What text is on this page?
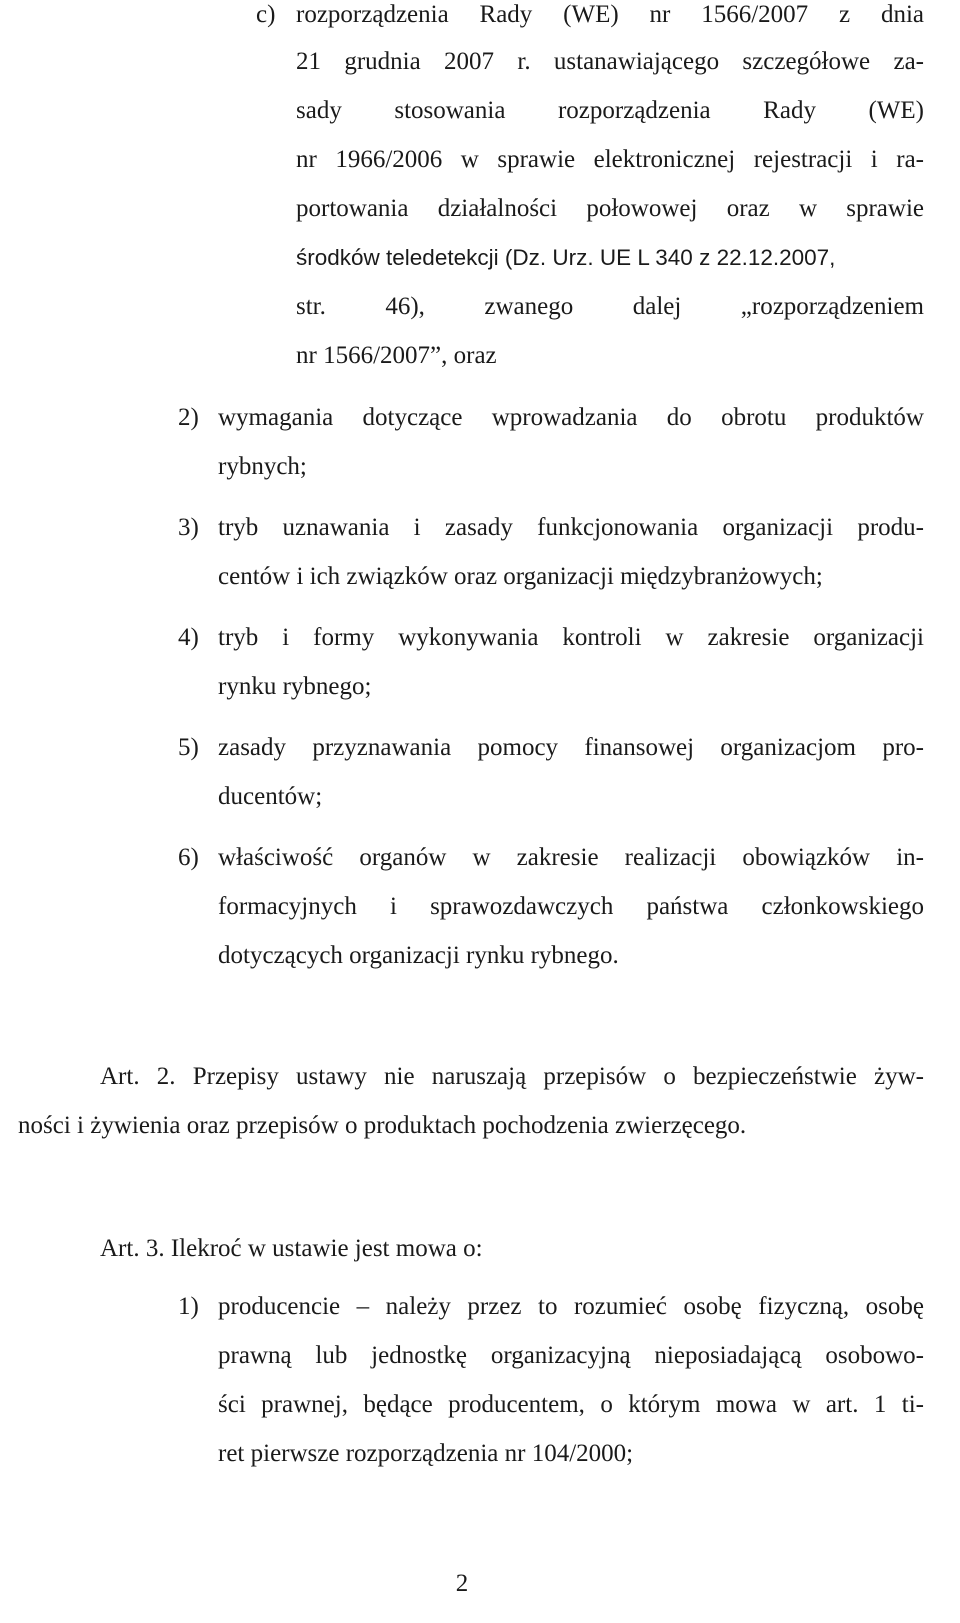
c) rozporządzenia Rady (WE) nr 1566/2007 z dnia
21 grudnia 2007 r. ustanawiającego szczegółowe za-
sady stosowania rozporządzenia Rady (WE)
nr 1966/2006 w sprawie elektronicznej rejestracji i ra-
portowania działalności połowowej oraz w sprawie
środków teledetekcji (Dz. Urz. UE L 340 z 22.12.2007,
str. 46), zwanego dalej „rozporządzeniem
nr 1566/2007”, oraz
2) wymagania dotyczące wprowadzania do obrotu produktów
rybnych;
3) tryb uznawania i zasady funkcjonowania organizacji produ-
centów i ich związków oraz organizacji międzybranżowych;
4) tryb i formy wykonywania kontroli w zakresie organizacji
rynku rybnego;
5) zasady przyznawania pomocy finansowej organizacjom pro-
ducentów;
6) właściwość organów w zakresie realizacji obowiązków in-
formacyjnych i sprawozdawczych państwa członkowskiego
dotyczących organizacji rynku rybnego.
Art. 2. Przepisy ustawy nie naruszają przepisów o bezpieczeństwie żyw-
ności i żywienia oraz przepisów o produktach pochodzenia zwierzęcego.
Art. 3. Ilekroć w ustawie jest mowa o:
1) producencie – należy przez to rozumieć osobę fizyczną, osobę
prawną lub jednostkę organizacyjną nieposiadającą osobowo-
ści prawnej, będące producentem, o którym mowa w art. 1 ti-
ret pierwsze rozporządzenia nr 104/2000;
2
